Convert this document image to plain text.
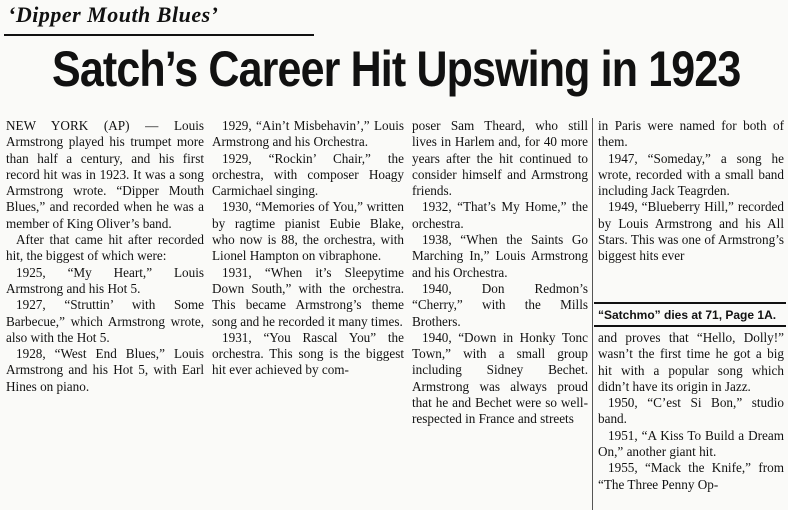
‘Dipper Mouth Blues’
Satch’s Career Hit Upswing in 1923

NEW YORK (AP) — Louis Armstrong played his trumpet more than half a century, and his first record hit was in 1923. It was a song Armstrong wrote. “Dipper Mouth Blues,” and recorded when he was a member of King Oliver’s band.

After that came hit after recorded hit, the biggest of which were:

1925, “My Heart,” Louis Armstrong and his Hot 5.

1927, “Struttin’ with Some Barbecue,” which Armstrong wrote, also with the Hot 5.

1928, “West End Blues,” Louis Armstrong and his Hot 5, with Earl Hines on piano.

1929, “Ain’t Misbehavin’,” Louis Armstrong and his Orchestra.

1929, “Rockin’ Chair,” the orchestra, with composer Hoagy Carmichael singing.

1930, “Memories of You,” written by ragtime pianist Eubie Blake, who now is 88, the orchestra, with Lionel Hampton on vibraphone.

1931, “When it’s Sleepytime Down South,” with the orchestra. This became Armstrong’s theme song and he recorded it many times.

1931, “You Rascal You” the orchestra. This song is the biggest hit ever achieved by com-

poser Sam Theard, who still lives in Harlem and, for 40 more years after the hit continued to consider himself and Armstrong friends.

1932, “That’s My Home,” the orchestra.

1938, “When the Saints Go Marching In,” Louis Armstrong and his Orchestra.

1940, Don Redmon’s “Cherry,” with the Mills Brothers.

1940, “Down in Honky Tonc Town,” with a small group including Sidney Bechet. Armstrong was always proud that he and Bechet were so well-respected in France and streets

in Paris were named for both of them.

1947, “Someday,” a song he wrote, recorded with a small band including Jack Teagrden.

1949, “Blueberry Hill,” recorded by Louis Armstrong and his All Stars. This was one of Armstrong’s biggest hits ever

“Satchmo” dies at 71, Page 1A.

and proves that “Hello, Dolly!” wasn’t the first time he got a big hit with a popular song which didn’t have its origin in Jazz.

1950, “C’est Si Bon,” studio band.

1951, “A Kiss To Build a Dream On,” another giant hit.

1955, “Mack the Knife,” from “The Three Penny Op-
